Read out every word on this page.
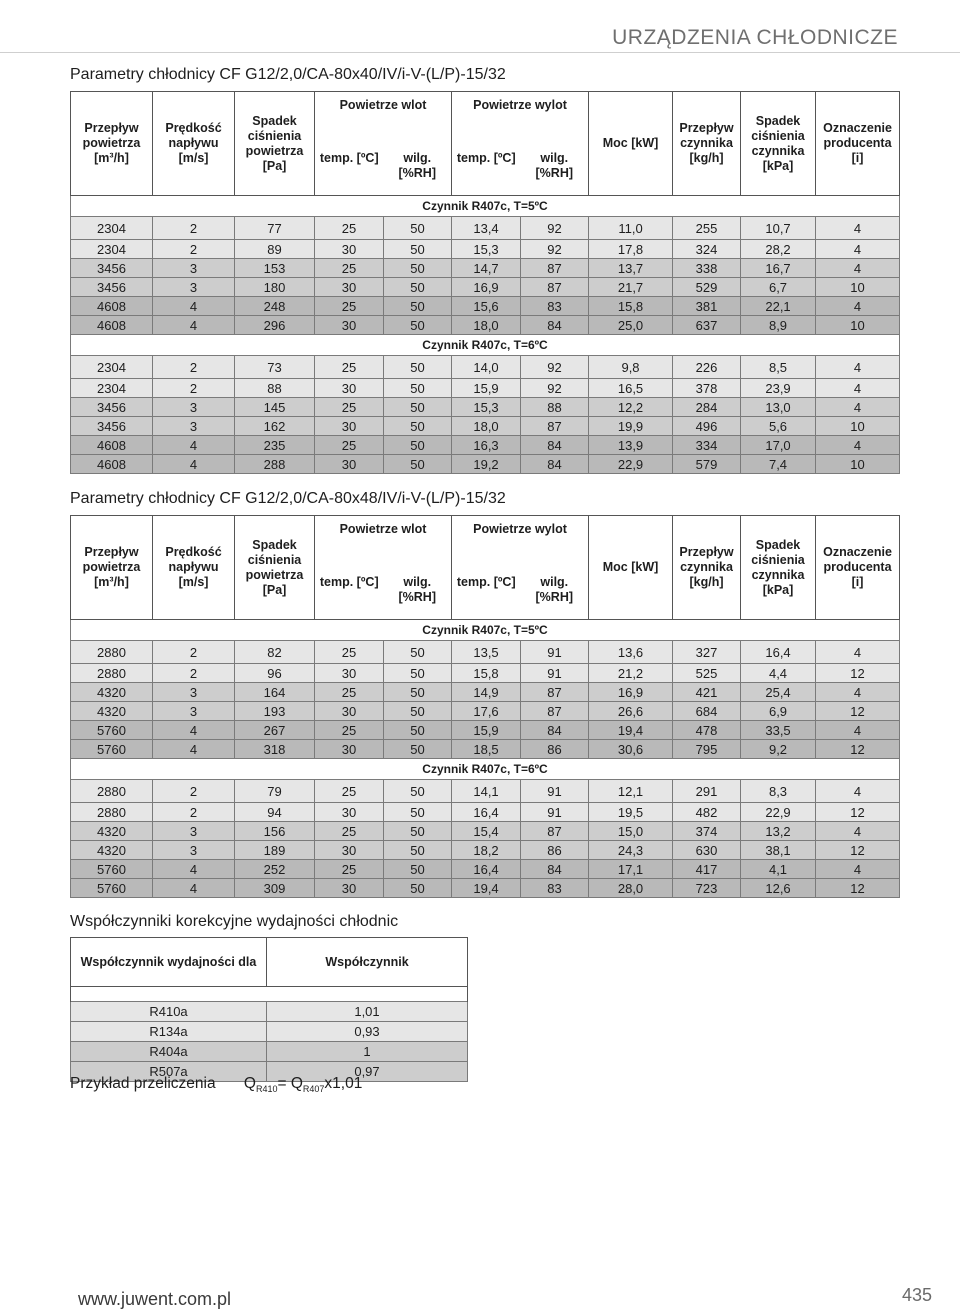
URZĄDZENIA CHŁODNICZE
Parametry chłodnicy CF G12/2,0/CA-80x40/IV/i-V-(L/P)-15/32
Przepływ powietrza [m³/h]	Prędkość napływu [m/s]	Spadek ciśnienia powietrza [Pa]	Powietrze wlot		Powietrze wylot		Moc [kW]	Przepływ czynnika [kg/h]	Spadek ciśnienia czynnika [kPa]	Oznaczenie producenta [i]
			temp. [ºC]	wilg. [%RH]	temp. [ºC]	wilg. [%RH]				
Czynnik R407c, T=5ºC										
2304	2	77	25	50	13,4	92	11,0	255	10,7	4
2304	2	89	30	50	15,3	92	17,8	324	28,2	4
3456	3	153	25	50	14,7	87	13,7	338	16,7	4
3456	3	180	30	50	16,9	87	21,7	529	6,7	10
4608	4	248	25	50	15,6	83	15,8	381	22,1	4
4608	4	296	30	50	18,0	84	25,0	637	8,9	10
Czynnik R407c, T=6ºC										
2304	2	73	25	50	14,0	92	9,8	226	8,5	4
2304	2	88	30	50	15,9	92	16,5	378	23,9	4
3456	3	145	25	50	15,3	88	12,2	284	13,0	4
3456	3	162	30	50	18,0	87	19,9	496	5,6	10
4608	4	235	25	50	16,3	84	13,9	334	17,0	4
4608	4	288	30	50	19,2	84	22,9	579	7,4	10
Parametry chłodnicy CF G12/2,0/CA-80x48/IV/i-V-(L/P)-15/32
Przepływ powietrza [m³/h]	Prędkość napływu [m/s]	Spadek ciśnienia powietrza [Pa]	Powietrze wlot		Powietrze wylot		Moc [kW]	Przepływ czynnika [kg/h]	Spadek ciśnienia czynnika [kPa]	Oznaczenie producenta [i]
			temp. [ºC]	wilg. [%RH]	temp. [ºC]	wilg. [%RH]				
Czynnik R407c, T=5ºC										
2880	2	82	25	50	13,5	91	13,6	327	16,4	4
2880	2	96	30	50	15,8	91	21,2	525	4,4	12
4320	3	164	25	50	14,9	87	16,9	421	25,4	4
4320	3	193	30	50	17,6	87	26,6	684	6,9	12
5760	4	267	25	50	15,9	84	19,4	478	33,5	4
5760	4	318	30	50	18,5	86	30,6	795	9,2	12
Czynnik R407c, T=6ºC										
2880	2	79	25	50	14,1	91	12,1	291	8,3	4
2880	2	94	30	50	16,4	91	19,5	482	22,9	12
4320	3	156	25	50	15,4	87	15,0	374	13,2	4
4320	3	189	30	50	18,2	86	24,3	630	38,1	12
5760	4	252	25	50	16,4	84	17,1	417	4,1	4
5760	4	309	30	50	19,4	83	28,0	723	12,6	12
Współczynniki korekcyjne wydajności chłodnic
Współczynnik wydajności dla	Współczynnik

R410a	1,01
R134a	0,93
R404a	1
R507a	0,97
Przykład przeliczenia $Q_{R410}= Q_{R407}x1,01$
www.juwent.com.pl	435
